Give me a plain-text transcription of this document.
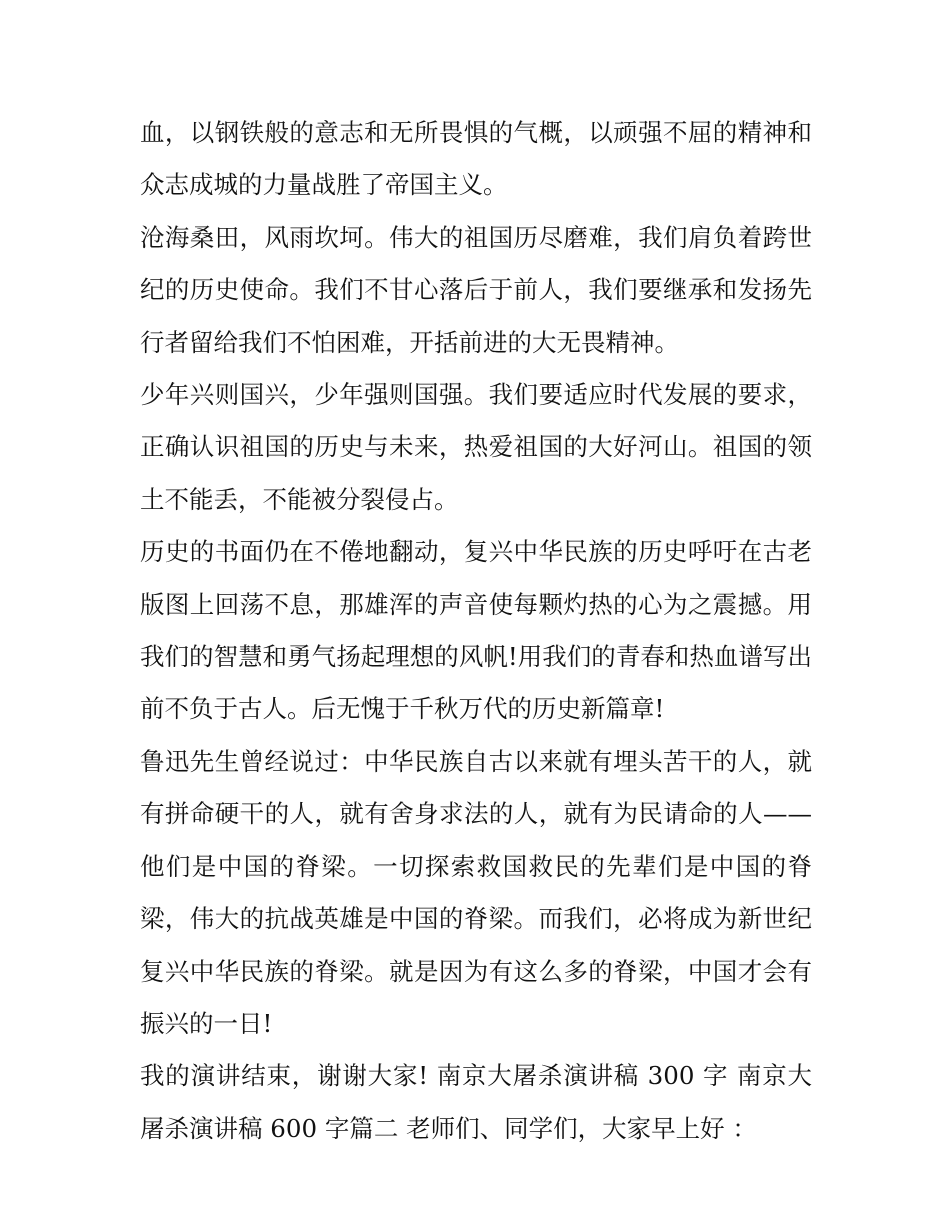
血，以钢铁般的意志和无所畏惧的气概，以顽强不屈的精神和众志成城的力量战胜了帝国主义。

沧海桑田，风雨坎坷。伟大的祖国历尽磨难，我们肩负着跨世纪的历史使命。我们不甘心落后于前人，我们要继承和发扬先行者留给我们不怕困难，开括前进的大无畏精神。

少年兴则国兴，少年强则国强。我们要适应时代发展的要求，正确认识祖国的历史与未来，热爱祖国的大好河山。祖国的领土不能丢，不能被分裂侵占。

历史的书面仍在不倦地翻动，复兴中华民族的历史呼吁在古老版图上回荡不息，那雄浑的声音使每颗灼热的心为之震撼。用我们的智慧和勇气扬起理想的风帆!用我们的青春和热血谱写出前不负于古人。后无愧于千秋万代的历史新篇章!

鲁迅先生曾经说过：中华民族自古以来就有埋头苦干的人，就有拼命硬干的人，就有舍身求法的人，就有为民请命的人——他们是中国的脊梁。一切探索救国救民的先辈们是中国的脊梁，伟大的抗战英雄是中国的脊梁。而我们，必将成为新世纪复兴中华民族的脊梁。就是因为有这么多的脊梁，中国才会有振兴的一日!

我的演讲结束，谢谢大家! 南京大屠杀演讲稿 300 字 南京大屠杀演讲稿 600 字篇二 老师们、同学们，大家早上好 ：
